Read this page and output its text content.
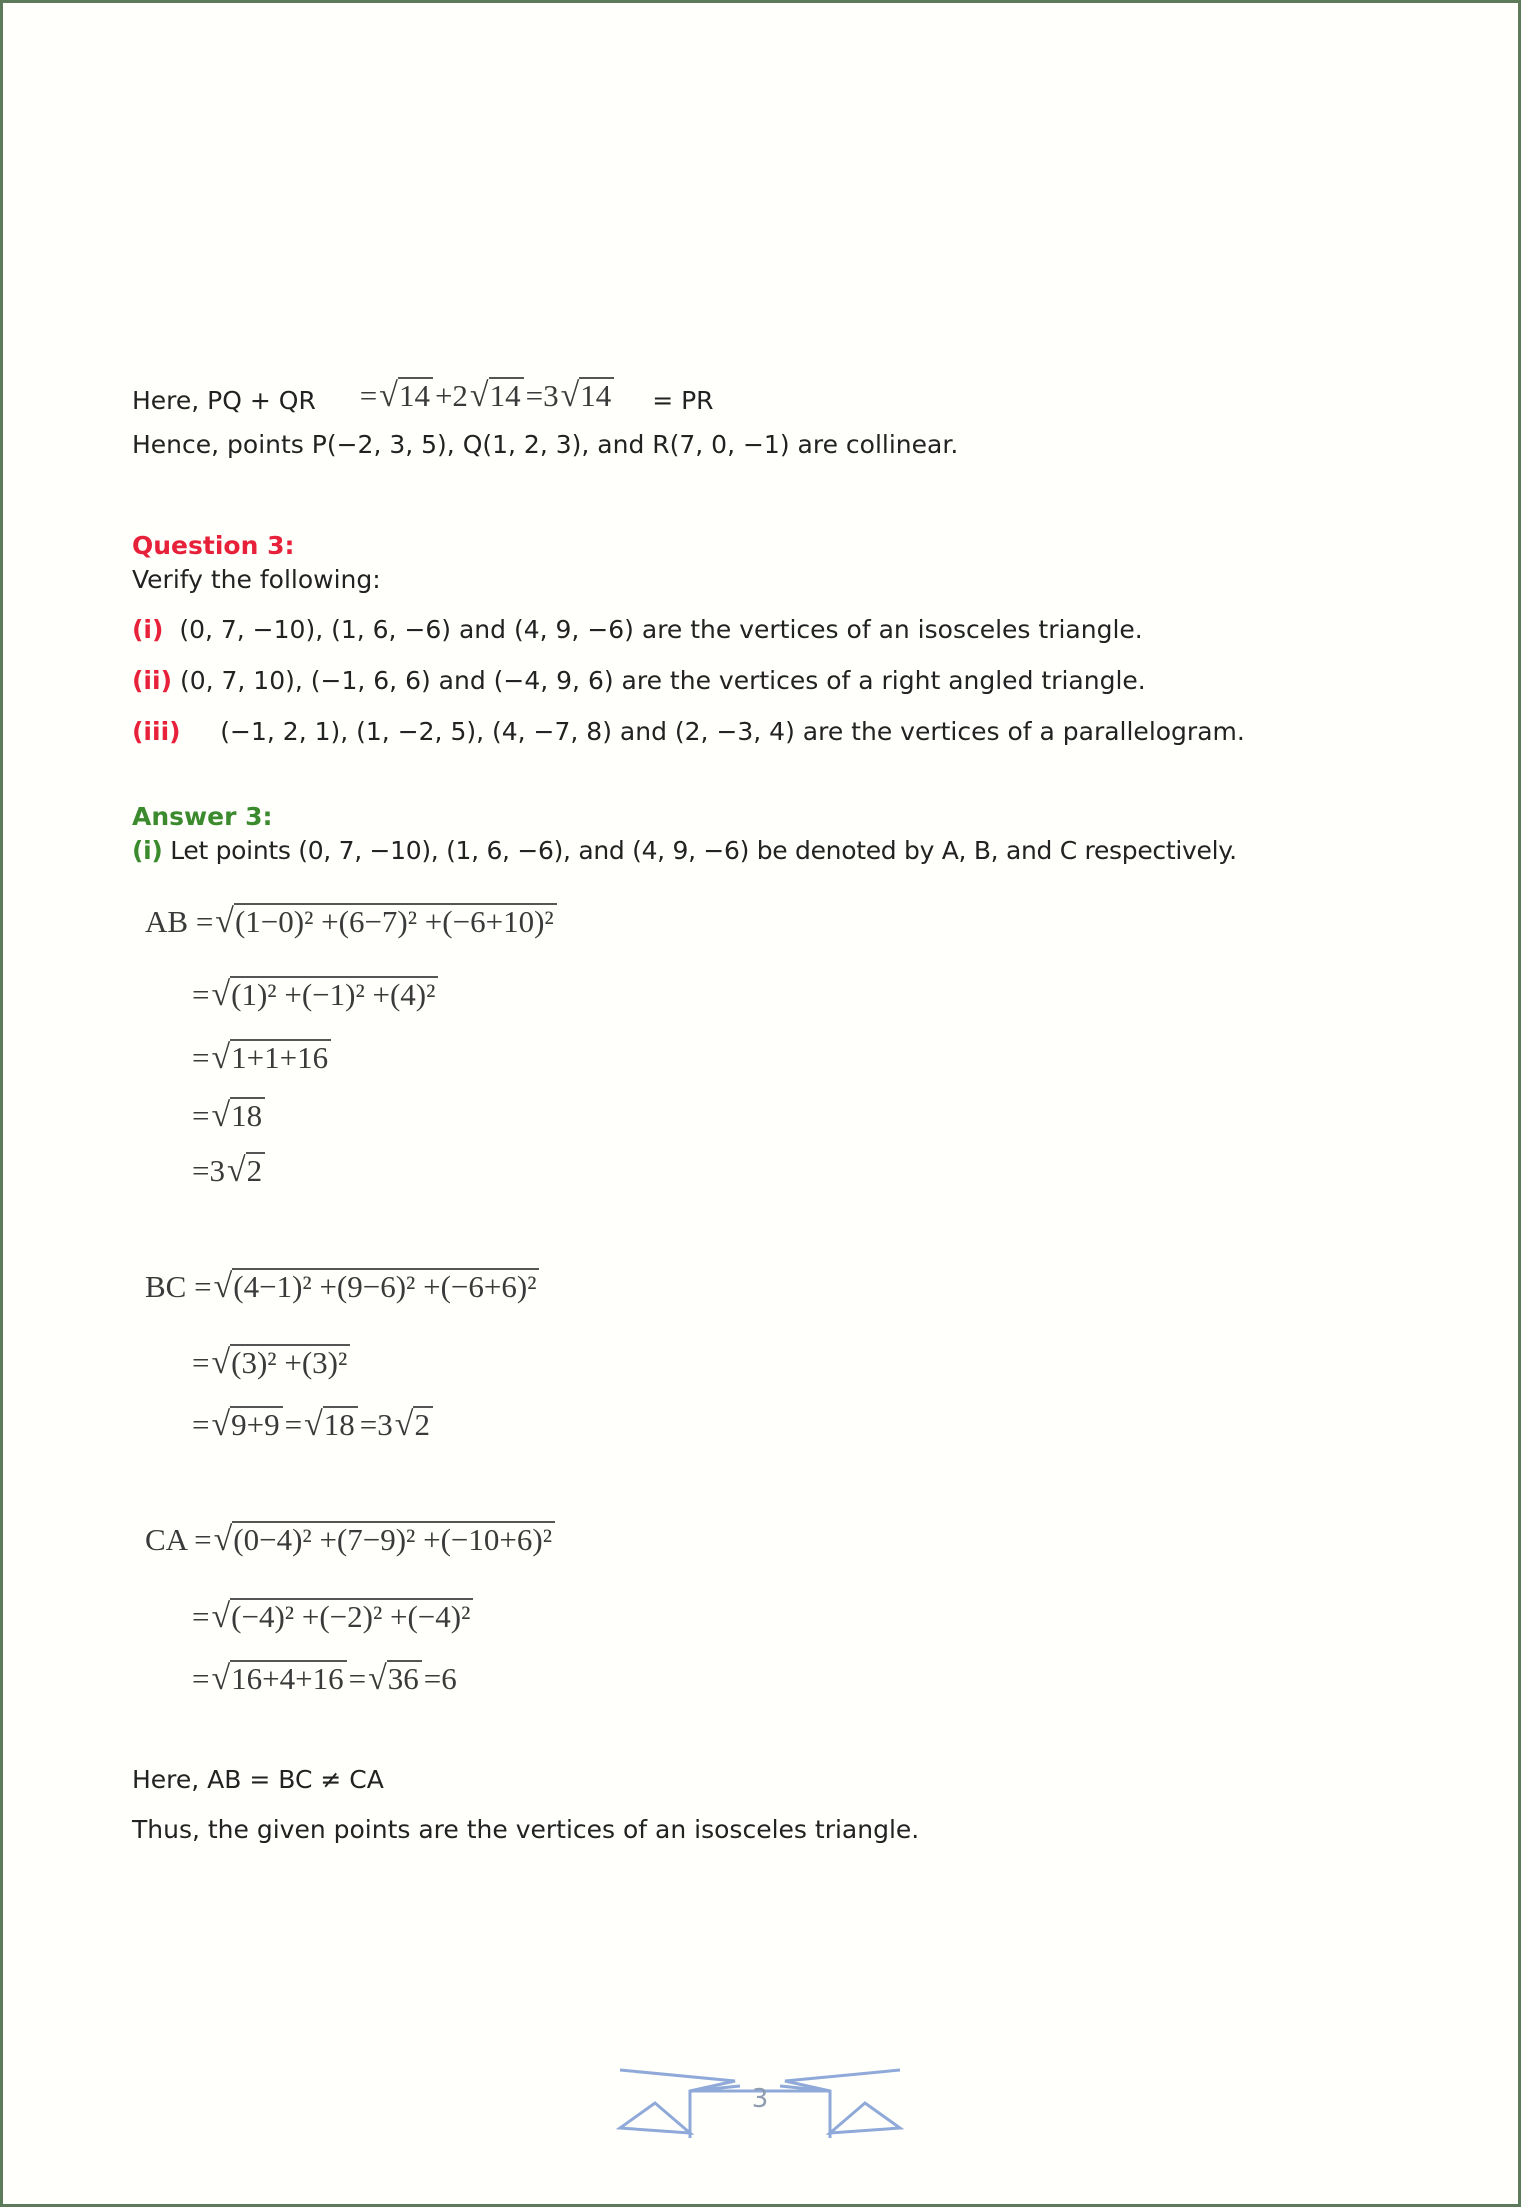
Here, PQ + QR =√14 +2√14 =3√14 = PR
Hence, points P(−2, 3, 5), Q(1, 2, 3), and R(7, 0, −1) are collinear.
Question 3:
Verify the following:
(i) (0, 7, −10), (1, 6, −6) and (4, 9, −6) are the vertices of an isosceles triangle.
(ii) (0, 7, 10), (−1, 6, 6) and (−4, 9, 6) are the vertices of a right angled triangle.
(iii) (−1, 2, 1), (1, −2, 5), (4, −7, 8) and (2, −3, 4) are the vertices of a parallelogram.
Answer 3:
(i) Let points (0, 7, −10), (1, 6, −6), and (4, 9, −6) be denoted by A, B, and C respectively.
AB =√(1−0)² +(6−7)² +(−6+10)²
=√(1)² +(−1)² +(4)²
=√1+1+16
=√18
=3√2
BC =√(4−1)² +(9−6)² +(−6+6)²
=√(3)² +(3)²
=√9+9 =√18 =3√2
CA =√(0−4)² +(7−9)² +(−10+6)²
=√(−4)² +(−2)² +(−4)²
=√16+4+16 =√36 =6
Here, AB = BC ≠ CA
Thus, the given points are the vertices of an isosceles triangle.
3
